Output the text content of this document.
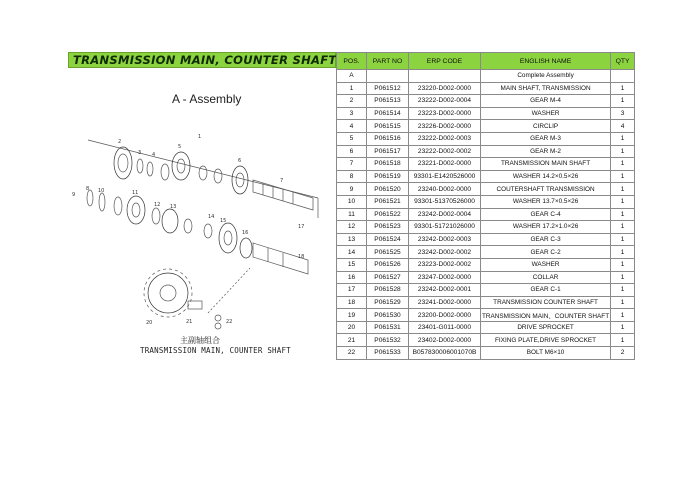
TRANSMISSION MAIN, COUNTER SHAFT
A - Assembly
1
2
3 4
5
6
7
8
9
10	11
12 13
14
15
16
17
18
20	21	22
主副轴组合
TRANSMISSION MAIN, COUNTER SHAFT
POS.	PART NO	ERP CODE	ENGLISH NAME	QTY
A			Complete Assembly	
1	P061512	23220-D002-0000	MAIN SHAFT, TRANSMISSION	1
2	P061513	23222-D002-0004	GEAR M-4	1
3	P061514	23223-D002-0000	WASHER	3
4	P061515	23226-D002-0000	CIRCLIP	4
5	P061516	23222-D002-0003	GEAR M-3	1
6	P061517	23222-D002-0002	GEAR M-2	1
7	P061518	23221-D002-0000	TRANSMISSION MAIN SHAFT	1
8	P061519	93301-E1420526000	WASHER 14.2×0.5×26	1
9	P061520	23240-D002-0000	COUTERSHAFT TRANSMISSION	1
10	P061521	93301-51370526000	WASHER 13.7×0.5×26	1
11	P061522	23242-D002-0004	GEAR C-4	1
12	P061523	93301-51721026000	WASHER 17.2×1.0×26	1
13	P061524	23242-D002-0003	GEAR C-3	1
14	P061525	23242-D002-0002	GEAR C-2	1
15	P061526	23223-D002-0002	WASHER	1
16	P061527	23247-D002-0000	COLLAR	1
17	P061528	23242-D002-0001	GEAR C-1	1
18	P061529	23241-D002-0000	TRANSMISSION COUNTER SHAFT	1
19	P061530	23200-D002-0000	TRANSMISSION MAIN、COUNTER SHAFT	1
20	P061531	23401-G011-0000	DRIVE SPROCKET	1
21	P061532	23402-D002-0000	FIXING PLATE,DRIVE SPROCKET	1
22	P061533	B057830006001070B	BOLT M6×10	2
